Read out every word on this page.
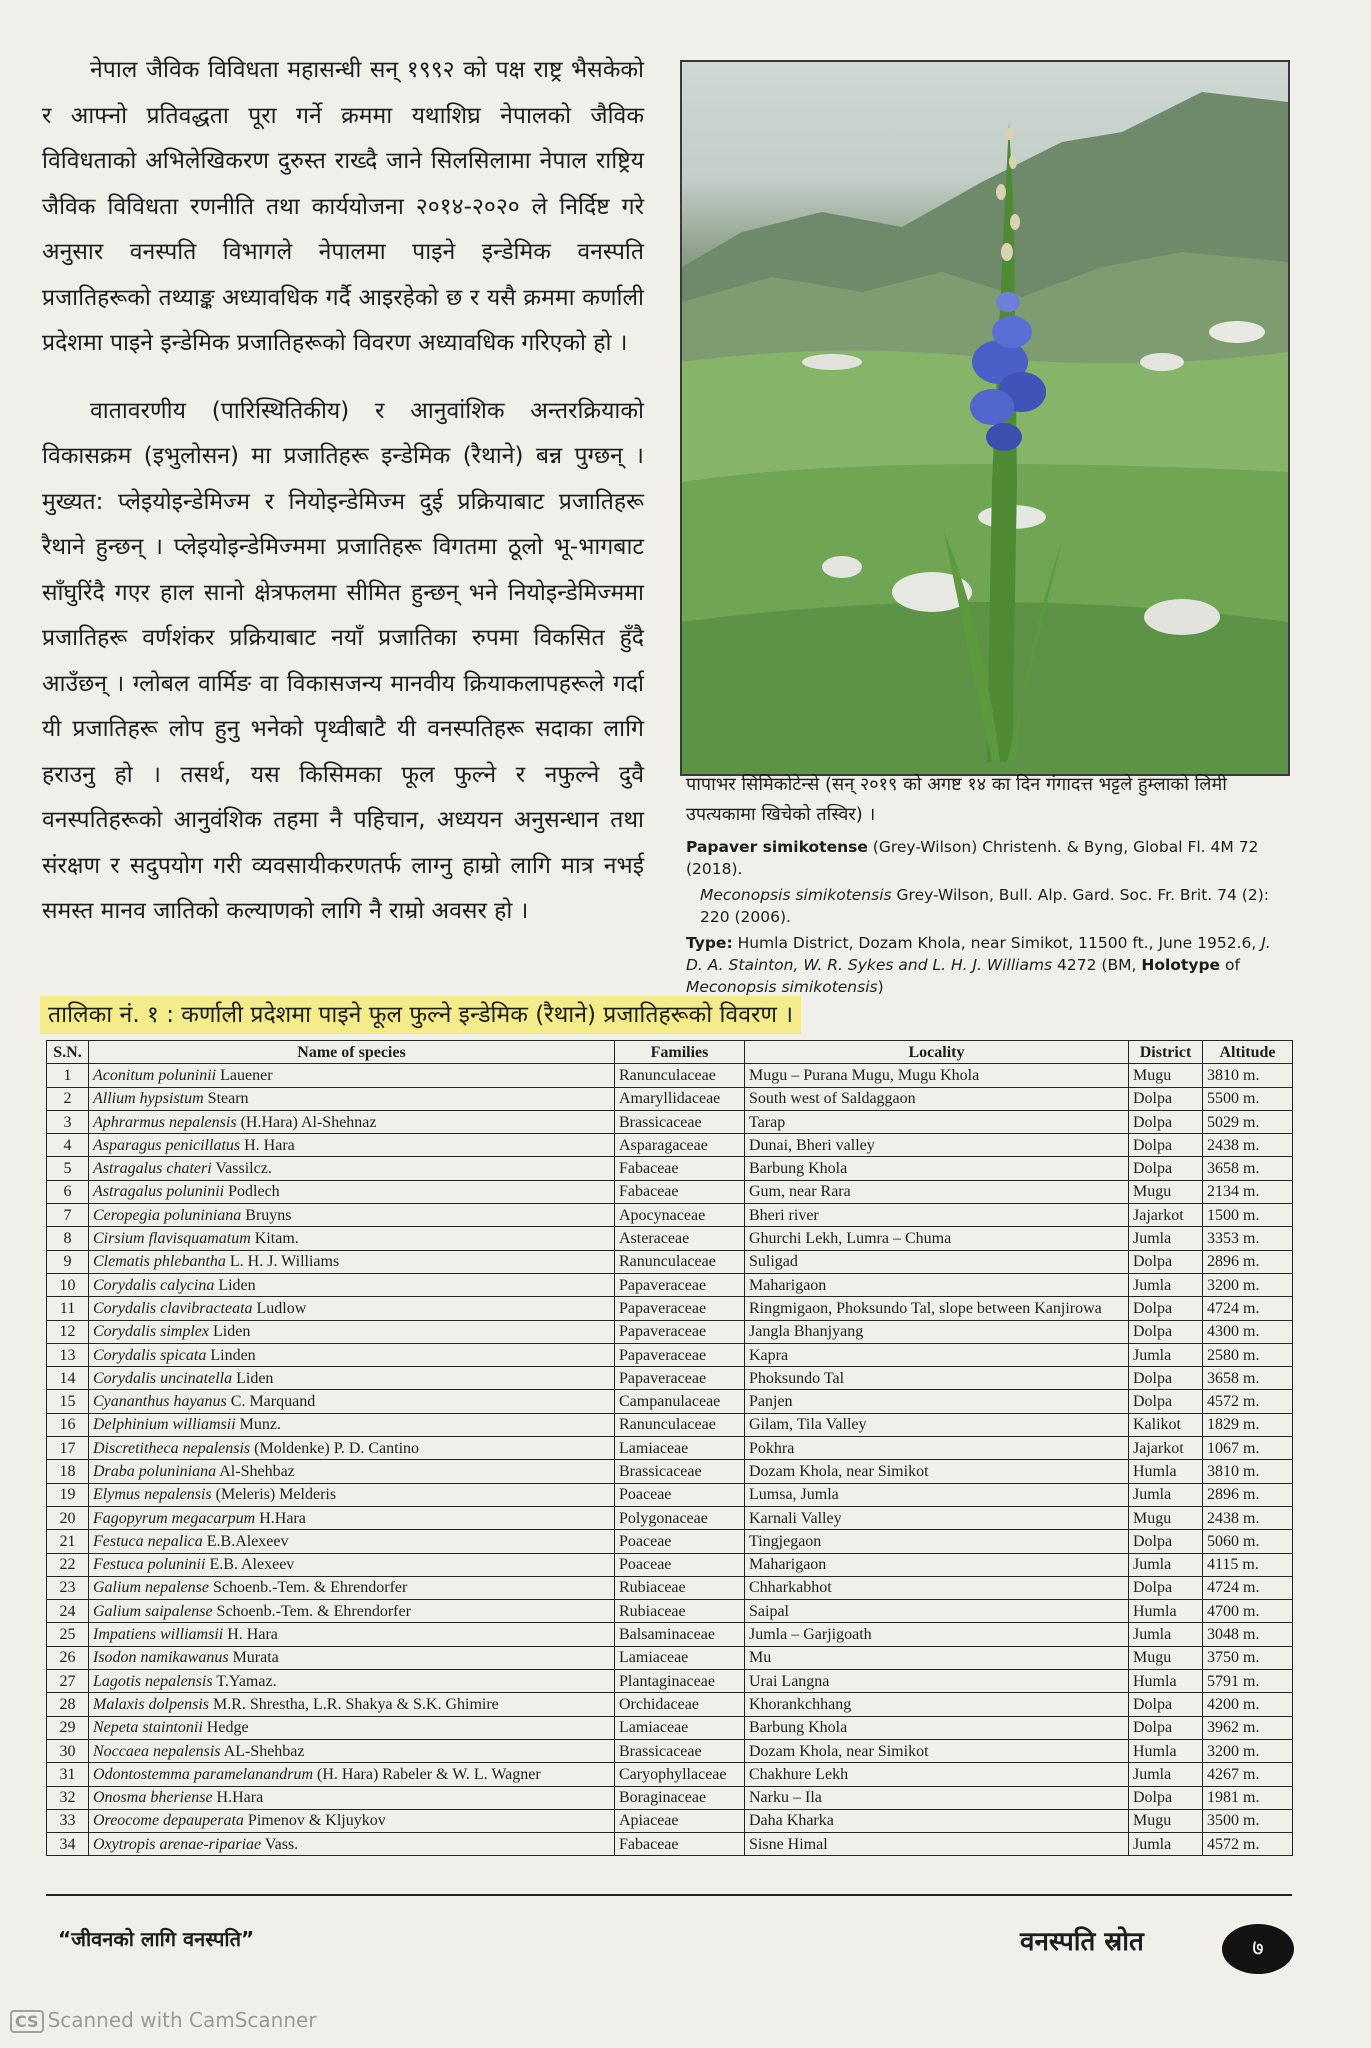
नेपाल जैविक विविधता महासन्धी सन् १९९२ को पक्ष राष्ट्र भैसकेको र आफ्नो प्रतिवद्धता पूरा गर्ने क्रममा यथाशिघ्र नेपालको जैविक विविधताको अभिलेखिकरण दुरुस्त राख्दै जाने सिलसिलामा नेपाल राष्ट्रिय जैविक विविधता रणनीति तथा कार्ययोजना २०१४-२०२० ले निर्दिष्ट गरे अनुसार वनस्पति विभागले नेपालमा पाइने इन्डेमिक वनस्पति प्रजातिहरूको तथ्याङ्क अध्यावधिक गर्दै आइरहेको छ र यसै क्रममा कर्णाली प्रदेशमा पाइने इन्डेमिक प्रजातिहरूको विवरण अध्यावधिक गरिएको हो ।

वातावरणीय (पारिस्थितिकीय) र आनुवांशिक अन्तरक्रियाको विकासक्रम (इभुलोसन) मा प्रजातिहरू इन्डेमिक (रैथाने) बन्न पुग्छन् । मुख्यत: प्लेइयोइन्डेमिज्म र नियोइन्डेमिज्म दुई प्रक्रियाबाट प्रजातिहरू रैथाने हुन्छन् । प्लेइयोइन्डेमिज्ममा प्रजातिहरू विगतमा ठूलो भू-भागबाट साँघुरिंदै गएर हाल सानो क्षेत्रफलमा सीमित हुन्छन् भने नियोइन्डेमिज्ममा प्रजातिहरू वर्णशंकर प्रक्रियाबाट नयाँ प्रजातिका रुपमा विकसित हुँदै आउँछन् । ग्लोबल वार्मिङ वा विकासजन्य मानवीय क्रियाकलापहरूले गर्दा यी प्रजातिहरू लोप हुनु भनेको पृथ्वीबाटै यी वनस्पतिहरू सदाका लागि हराउनु हो । तसर्थ, यस किसिमका फूल फुल्ने र नफुल्ने दुवै वनस्पतिहरूको आनुवंशिक तहमा नै पहिचान, अध्ययन अनुसन्धान तथा संरक्षण र सदुपयोग गरी व्यवसायीकरणतर्फ लाग्नु हाम्रो लागि मात्र नभई समस्त मानव जातिको कल्याणको लागि नै राम्रो अवसर हो ।

पापाभर सिमिकोटेन्से (सन् २०१९ को अगष्ट १४ का दिन गंगादत्त भट्टले हुम्लाको लिमी उपत्यकामा खिचेको तस्विर) ।

Papaver simikotense (Grey-Wilson) Christenh. & Byng, Global Fl. 4M 72 (2018).

Meconopsis simikotensis Grey-Wilson, Bull. Alp. Gard. Soc. Fr. Brit. 74 (2): 220 (2006).

Type: Humla District, Dozam Khola, near Simikot, 11500 ft., June 1952.6, J. D. A. Stainton, W. R. Sykes and L. H. J. Williams 4272 (BM, Holotype of Meconopsis simikotensis)

तालिका नं. १ : कर्णाली प्रदेशमा पाइने फूल फुल्ने इन्डेमिक (रैथाने) प्रजातिहरूको विवरण ।
S.N.	Name of species	Families	Locality	District	Altitude
1	Aconitum poluninii Lauener	Ranunculaceae	Mugu – Purana Mugu, Mugu Khola	Mugu	3810 m.
2	Allium hypsistum Stearn	Amaryllidaceae	South west of Saldaggaon	Dolpa	5500 m.
3	Aphrarmus nepalensis (H.Hara) Al-Shehnaz	Brassicaceae	Tarap	Dolpa	5029 m.
4	Asparagus penicillatus H. Hara	Asparagaceae	Dunai, Bheri valley	Dolpa	2438 m.
5	Astragalus chateri Vassilcz.	Fabaceae	Barbung Khola	Dolpa	3658 m.
6	Astragalus poluninii Podlech	Fabaceae	Gum, near Rara	Mugu	2134 m.
7	Ceropegia poluniniana Bruyns	Apocynaceae	Bheri river	Jajarkot	1500 m.
8	Cirsium flavisquamatum Kitam.	Asteraceae	Ghurchi Lekh, Lumra – Chuma	Jumla	3353 m.
9	Clematis phlebantha L. H. J. Williams	Ranunculaceae	Suligad	Dolpa	2896 m.
10	Corydalis calycina Liden	Papaveraceae	Maharigaon	Jumla	3200 m.
11	Corydalis clavibracteata Ludlow	Papaveraceae	Ringmigaon, Phoksundo Tal, slope between Kanjirowa	Dolpa	4724 m.
12	Corydalis simplex Liden	Papaveraceae	Jangla Bhanjyang	Dolpa	4300 m.
13	Corydalis spicata Linden	Papaveraceae	Kapra	Jumla	2580 m.
14	Corydalis uncinatella Liden	Papaveraceae	Phoksundo Tal	Dolpa	3658 m.
15	Cyananthus hayanus C. Marquand	Campanulaceae	Panjen	Dolpa	4572 m.
16	Delphinium williamsii Munz.	Ranunculaceae	Gilam, Tila Valley	Kalikot	1829 m.
17	Discretitheca nepalensis (Moldenke) P. D. Cantino	Lamiaceae	Pokhra	Jajarkot	1067 m.
18	Draba poluniniana Al-Shehbaz	Brassicaceae	Dozam Khola, near Simikot	Humla	3810 m.
19	Elymus nepalensis (Meleris) Melderis	Poaceae	Lumsa, Jumla	Jumla	2896 m.
20	Fagopyrum megacarpum H.Hara	Polygonaceae	Karnali Valley	Mugu	2438 m.
21	Festuca nepalica E.B.Alexeev	Poaceae	Tingjegaon	Dolpa	5060 m.
22	Festuca poluninii E.B. Alexeev	Poaceae	Maharigaon	Jumla	4115 m.
23	Galium nepalense Schoenb.-Tem. & Ehrendorfer	Rubiaceae	Chharkabhot	Dolpa	4724 m.
24	Galium saipalense Schoenb.-Tem. & Ehrendorfer	Rubiaceae	Saipal	Humla	4700 m.
25	Impatiens williamsii H. Hara	Balsaminaceae	Jumla – Garjigoath	Jumla	3048 m.
26	Isodon namikawanus Murata	Lamiaceae	Mu	Mugu	3750 m.
27	Lagotis nepalensis T.Yamaz.	Plantaginaceae	Urai Langna	Humla	5791 m.
28	Malaxis dolpensis M.R. Shrestha, L.R. Shakya & S.K. Ghimire	Orchidaceae	Khorankchhang	Dolpa	4200 m.
29	Nepeta staintonii Hedge	Lamiaceae	Barbung Khola	Dolpa	3962 m.
30	Noccaea nepalensis AL-Shehbaz	Brassicaceae	Dozam Khola, near Simikot	Humla	3200 m.
31	Odontostemma paramelanandrum (H. Hara) Rabeler & W. L. Wagner	Caryophyllaceae	Chakhure Lekh	Jumla	4267 m.
32	Onosma bheriense H.Hara	Boraginaceae	Narku – Ila	Dolpa	1981 m.
33	Oreocome depauperata Pimenov & Kljuykov	Apiaceae	Daha Kharka	Mugu	3500 m.
34	Oxytropis arenae-ripariae Vass.	Fabaceae	Sisne Himal	Jumla	4572 m.
“जीवनको लागि वनस्पति”	वनस्पति स्रोत	७
CS Scanned with CamScanner
